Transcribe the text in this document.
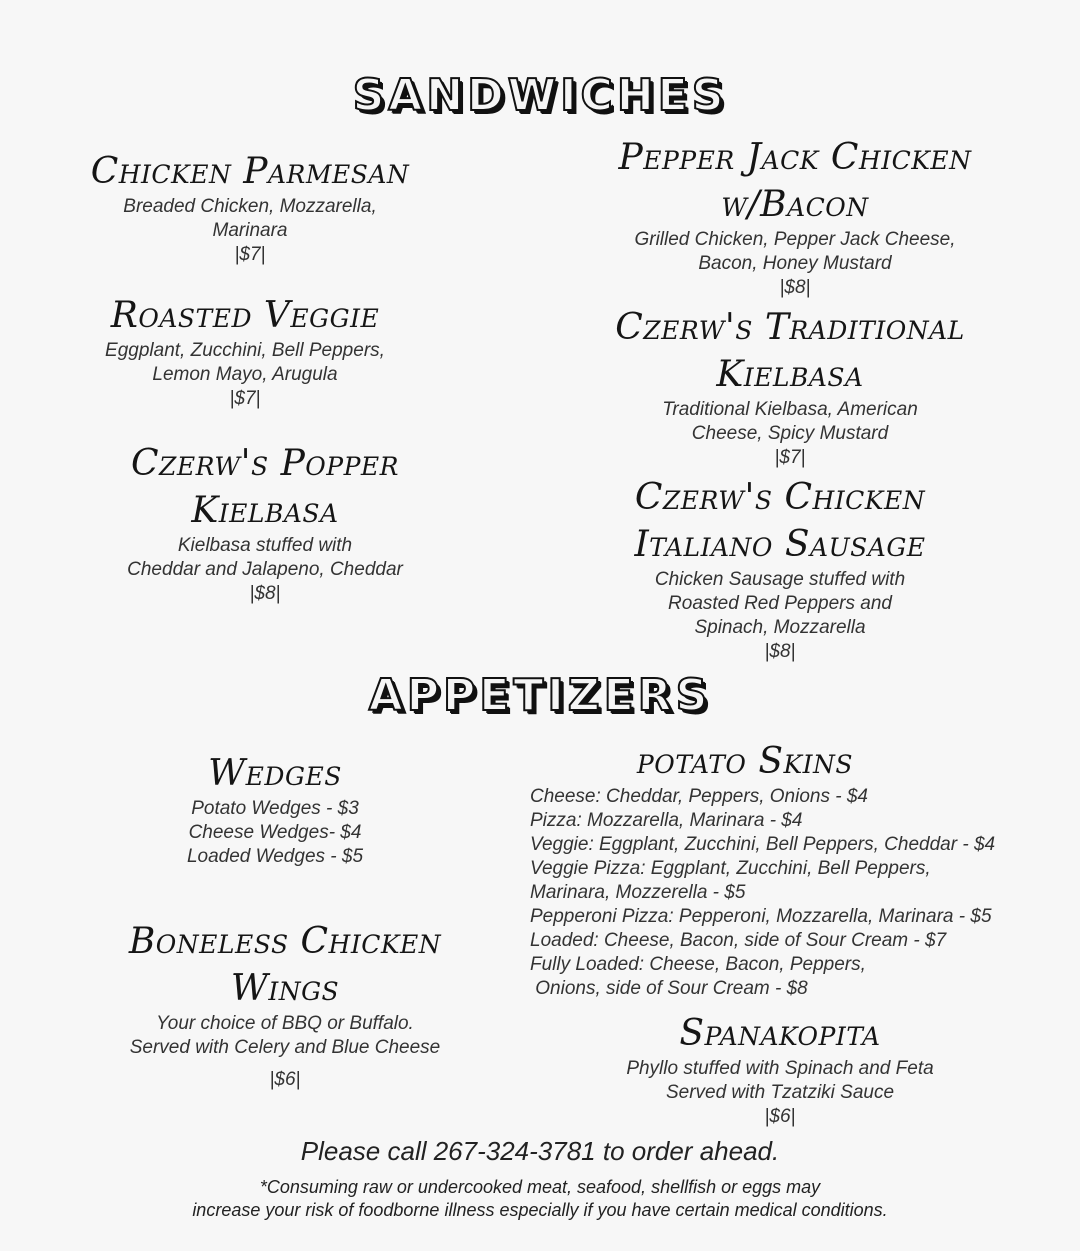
SANDWICHES
Chicken Parmesan
Breaded Chicken, Mozzarella,
Marinara
|$7|
Roasted Veggie
Eggplant, Zucchini, Bell Peppers,
Lemon Mayo, Arugula
|$7|
Czerw's Popper
Kielbasa
Kielbasa stuffed with
Cheddar and Jalapeno, Cheddar
|$8|
Pepper Jack Chicken
w/Bacon
Grilled Chicken, Pepper Jack Cheese,
Bacon, Honey Mustard
|$8|
Czerw's Traditional
Kielbasa
Traditional Kielbasa, American
Cheese, Spicy Mustard
|$7|
Czerw's Chicken
Italiano Sausage
Chicken Sausage stuffed with
Roasted Red Peppers and
Spinach, Mozzarella
|$8|
APPETIZERS
Wedges
Potato Wedges - $3
Cheese Wedges- $4
Loaded Wedges - $5
Boneless Chicken
Wings
Your choice of BBQ or Buffalo.
Served with Celery and Blue Cheese
|$6|
potato Skins
Cheese: Cheddar, Peppers, Onions - $4
Pizza: Mozzarella, Marinara - $4
Veggie: Eggplant, Zucchini, Bell Peppers, Cheddar - $4
Veggie Pizza: Eggplant, Zucchini, Bell Peppers,
Marinara, Mozzerella - $5
Pepperoni Pizza: Pepperoni, Mozzarella, Marinara - $5
Loaded: Cheese, Bacon, side of Sour Cream - $7
Fully Loaded: Cheese, Bacon, Peppers,
Onions, side of Sour Cream - $8
Spanakopita
Phyllo stuffed with Spinach and Feta
Served with Tzatziki Sauce
|$6|
Please call 267-324-3781 to order ahead.
*Consuming raw or undercooked meat, seafood, shellfish or eggs may
increase your risk of foodborne illness especially if you have certain medical conditions.
